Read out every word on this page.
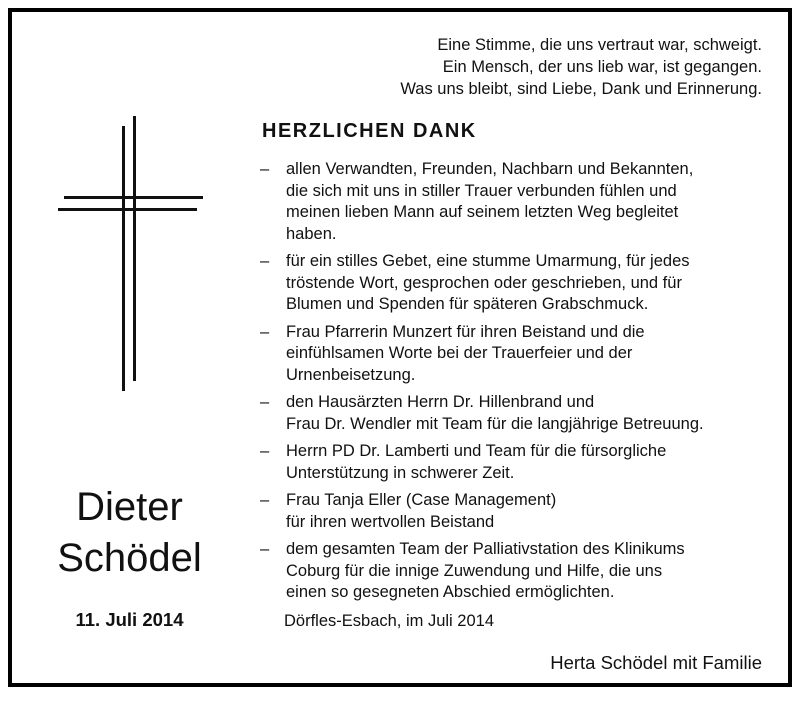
Eine Stimme, die uns vertraut war, schweigt.
Ein Mensch, der uns lieb war, ist gegangen.
Was uns bleibt, sind Liebe, Dank und Erinnerung.
HERZLICHEN DANK
– allen Verwandten, Freunden, Nachbarn und Bekannten,
die sich mit uns in stiller Trauer verbunden fühlen und
meinen lieben Mann auf seinem letzten Weg begleitet
haben.
– für ein stilles Gebet, eine stumme Umarmung, für jedes
tröstende Wort, gesprochen oder geschrieben, und für
Blumen und Spenden für späteren Grabschmuck.
– Frau Pfarrerin Munzert für ihren Beistand und die
einfühlsamen Worte bei der Trauerfeier und der
Urnenbeisetzung.
– den Hausärzten Herrn Dr. Hillenbrand und
Frau Dr. Wendler mit Team für die langjährige Betreuung.
– Herrn PD Dr. Lamberti und Team für die fürsorgliche
Unterstützung in schwerer Zeit.
– Frau Tanja Eller (Case Management)
für ihren wertvollen Beistand
– dem gesamten Team der Palliativstation des Klinikums
Coburg für die innige Zuwendung und Hilfe, die uns
einen so gesegneten Abschied ermöglichten.
Dieter
Schödel
11. Juli 2014	Dörfles-Esbach, im Juli 2014
Herta Schödel mit Familie
